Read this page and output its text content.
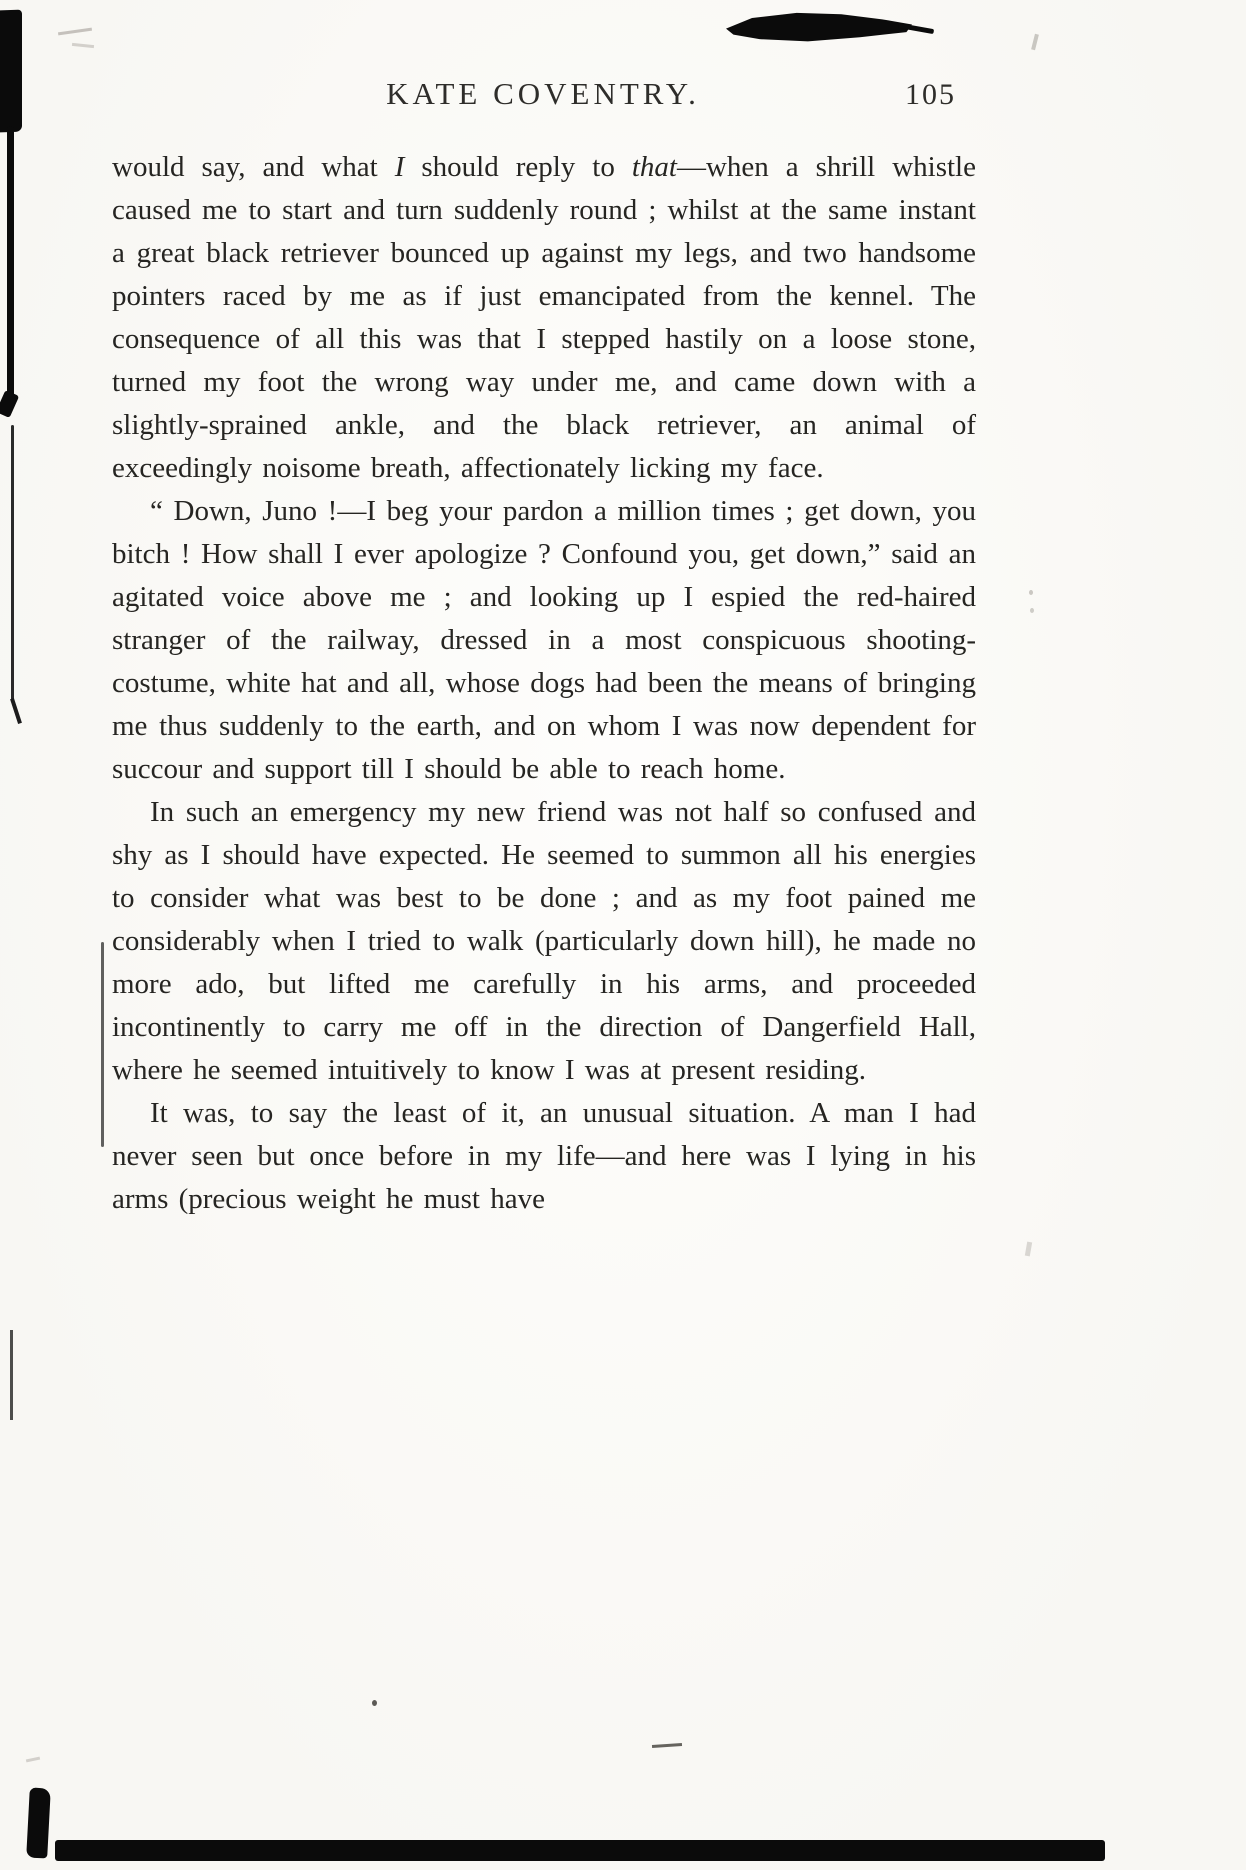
KATE COVENTRY.	105

would say, and what I should reply to that—when a shrill whistle caused me to start and turn suddenly round ; whilst at the same instant a great black retriever bounced up against my legs, and two handsome pointers raced by me as if just emancipated from the kennel. The consequence of all this was that I stepped hastily on a loose stone, turned my foot the wrong way under me, and came down with a slightly-sprained ankle, and the black retriever, an animal of exceedingly noisome breath, affectionately licking my face.

“ Down, Juno !—I beg your pardon a million times ; get down, you bitch ! How shall I ever apologize ? Confound you, get down,” said an agitated voice above me ; and looking up I espied the red-haired stranger of the railway, dressed in a most conspicuous shooting-costume, white hat and all, whose dogs had been the means of bringing me thus suddenly to the earth, and on whom I was now dependent for succour and support till I should be able to reach home.

In such an emergency my new friend was not half so confused and shy as I should have expected. He seemed to summon all his energies to consider what was best to be done ; and as my foot pained me considerably when I tried to walk (particularly down hill), he made no more ado, but lifted me carefully in his arms, and proceeded incontinently to carry me off in the direction of Dangerfield Hall, where he seemed intuitively to know I was at present residing.

It was, to say the least of it, an unusual situation. A man I had never seen but once before in my life—and here was I lying in his arms (precious weight he must have
